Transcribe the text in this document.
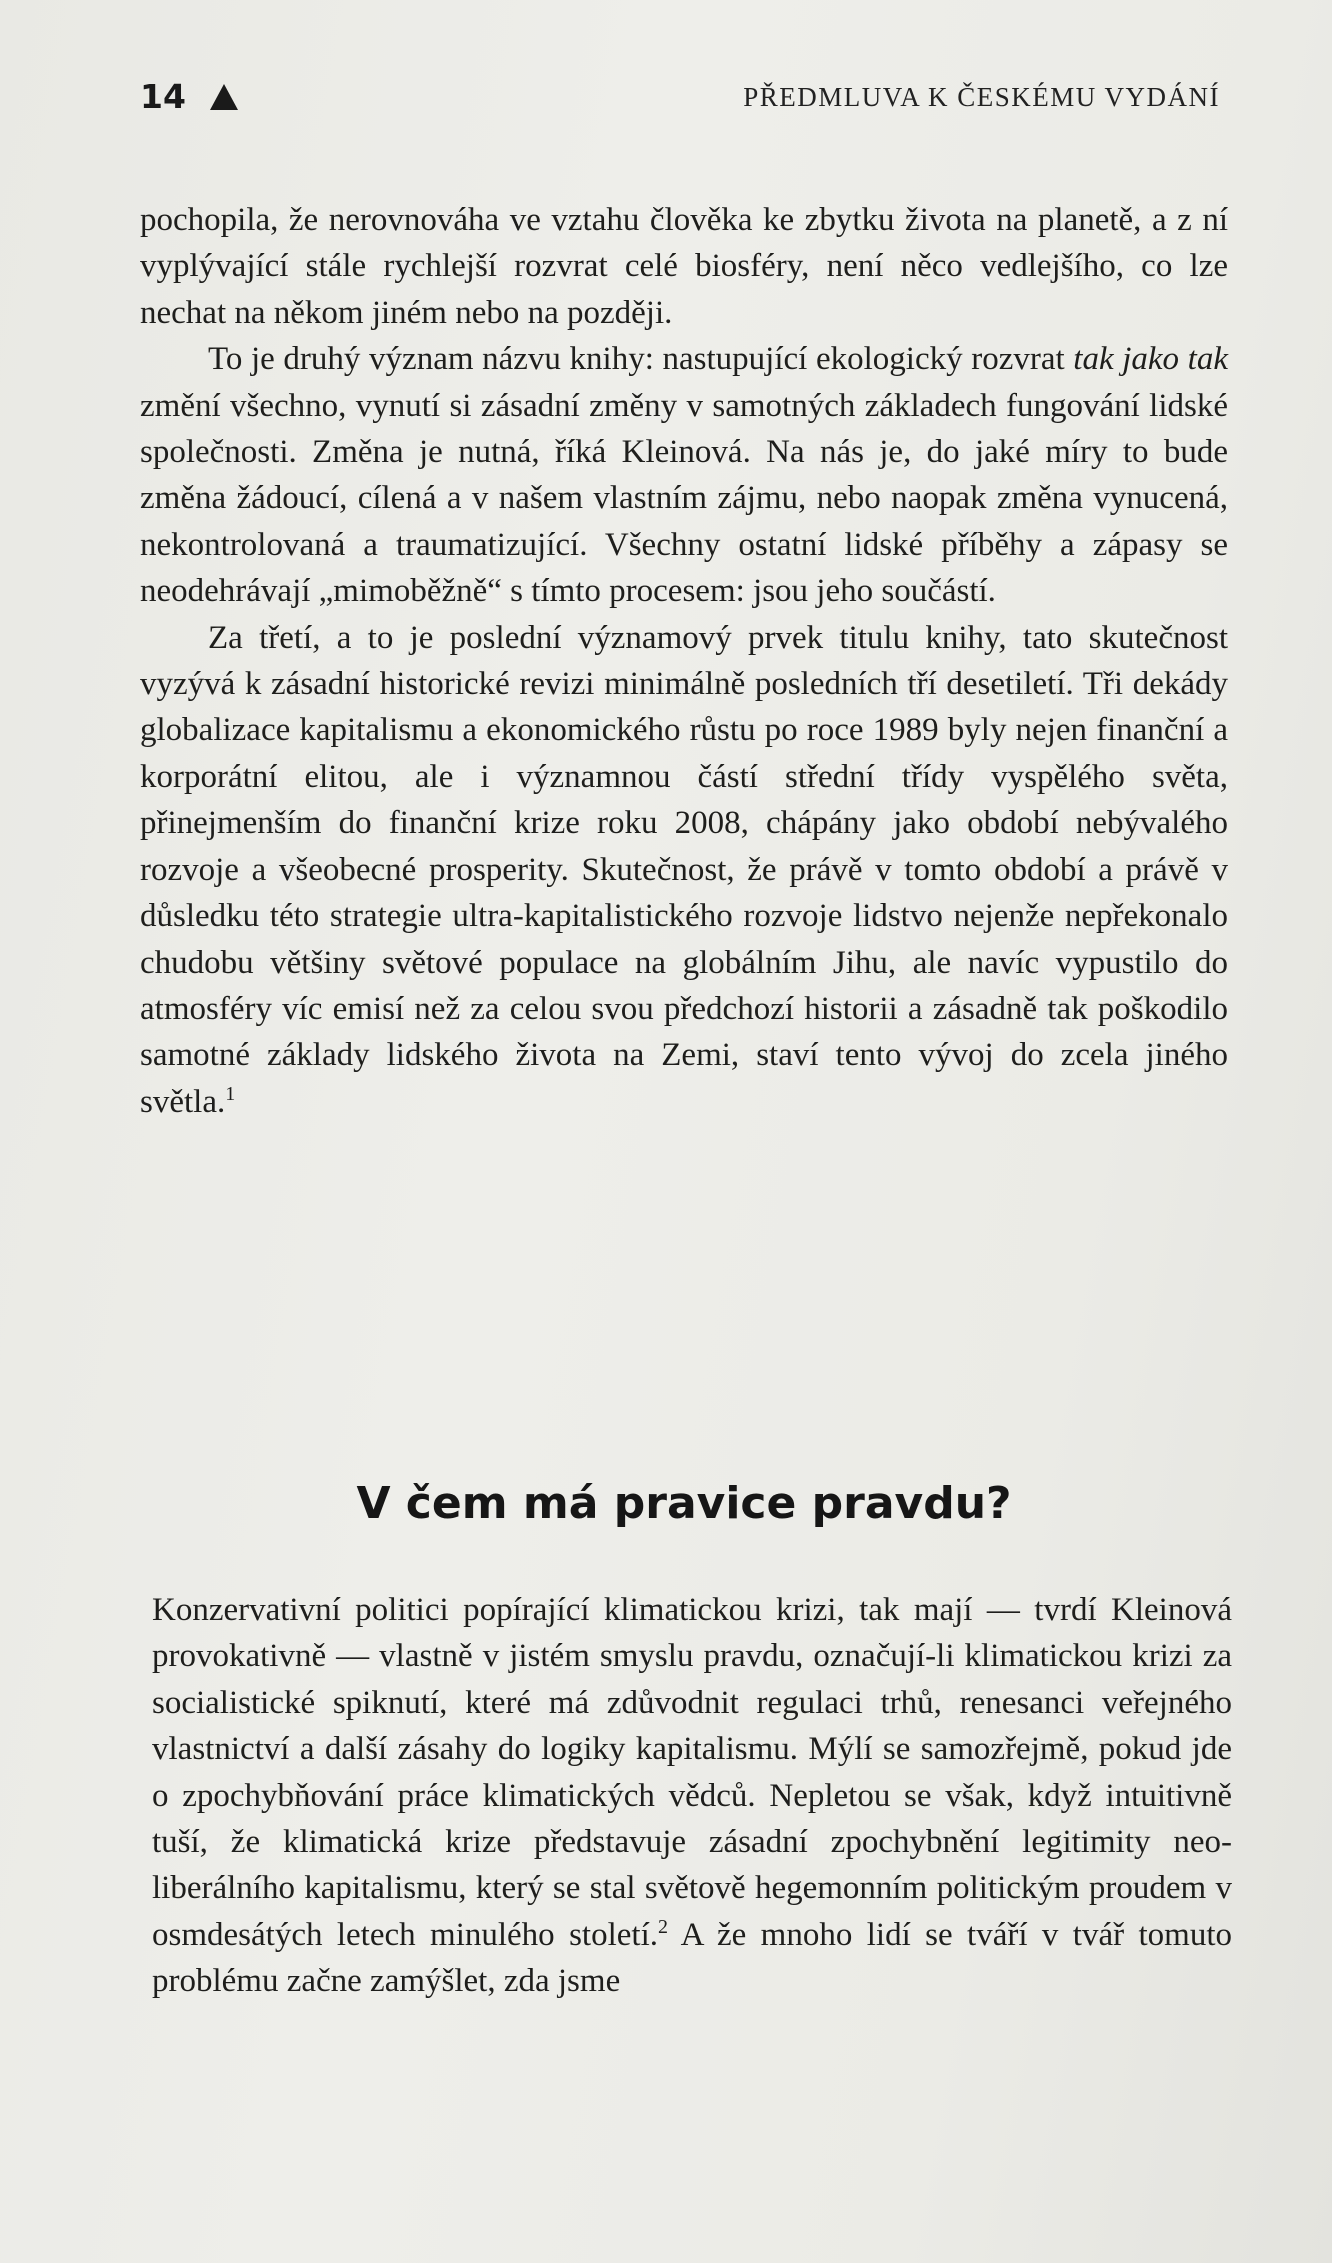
14	PŘEDMLUVA K ČESKÉMU VYDÁNÍ

pochopila, že nerovnováha ve vztahu člověka ke zbytku života na planetě, a z ní vyplývající stále rychlejší rozvrat celé biosféry, není něco vedlejšího, co lze nechat na někom jiném nebo na později.

To je druhý význam názvu knihy: nastupující ekologický rozvrat tak jako tak změní všechno, vynutí si zásadní změny v samotných základech fungování lidské společnosti. Změna je nutná, říká Kleinová. Na nás je, do jaké míry to bude změna žádoucí, cílená a v našem vlastním zájmu, nebo naopak změna vynucená, nekontrolovaná a traumatizující. Všechny ostatní lidské příběhy a zápasy se neodehrávají „mimoběžně“ s tímto procesem: jsou jeho součástí.

Za třetí, a to je poslední významový prvek titulu knihy, tato skutečnost vyzývá k zásadní historické revizi minimálně posledních tří desetiletí. Tři dekády globalizace kapitalismu a ekonomického růstu po roce 1989 byly nejen finanční a korporátní elitou, ale i významnou částí střední třídy vyspělého světa, přinejmenším do finanční krize roku 2008, chápány jako období nebývalého rozvoje a všeobecné prosperity. Skutečnost, že právě v tomto období a právě v důsledku této strategie ultra-kapitalistického rozvoje lidstvo nejenže nepřekonalo chudobu většiny světové populace na globálním Jihu, ale navíc vypustilo do atmosféry víc emisí než za celou svou předchozí historii a zásadně tak poškodilo samotné základy lidského života na Zemi, staví tento vývoj do zcela jiného světla.$^1$

V čem má pravice pravdu?

Konzervativní politici popírající klimatickou krizi, tak mají — tvrdí Kleinová provokativně — vlastně v jistém smyslu pravdu, označují-li klimatickou krizi za socialistické spiknutí, které má zdůvodnit regulaci trhů, renesanci veřejného vlastnictví a další zásahy do logiky kapitalismu. Mýlí se samozřejmě, pokud jde o zpochybňování práce klimatických vědců. Nepletou se však, když intuitivně tuší, že klimatická krize představuje zásadní zpochybnění legitimity neoliberálního kapitalismu, který se stal světově hegemonním politickým proudem v osmdesátých letech minulého století.$^2$ A že mnoho lidí se tváří v tvář tomuto problému začne zamýšlet, zda jsme
